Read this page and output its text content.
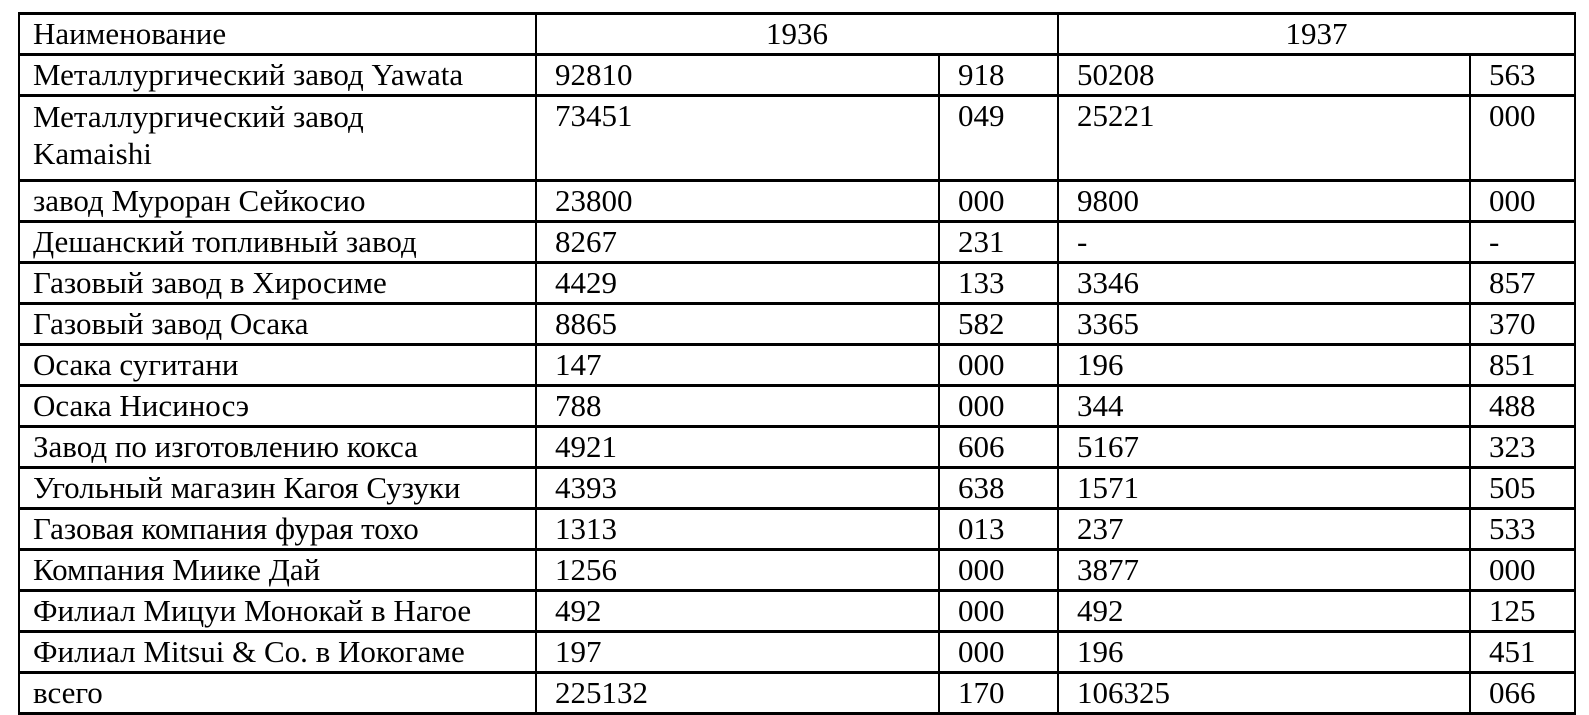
Наименование	1936		1937	
Металлургический завод Yawata	92810	918	50208	563

Металлургический завод
Kamaishi	73451	049	25221	000
завод Муроран Сейкосио	23800	000	9800	000
Дешанский топливный завод	8267	231	-	-
Газовый завод в Хиросиме	4429	133	3346	857
Газовый завод Осака	8865	582	3365	370
Осака сугитани	147	000	196	851
Осака Нисиносэ	788	000	344	488
Завод по изготовлению кокса	4921	606	5167	323
Угольный магазин Кагоя Сузуки	4393	638	1571	505
Газовая компания фурая тохо	1313	013	237	533
Компания Миике Дай	1256	000	3877	000
Филиал Мицуи Монокай в Нагое	492	000	492	125
Филиал Mitsui & Co. в Иокогаме	197	000	196	451
всего	225132	170	106325	066
